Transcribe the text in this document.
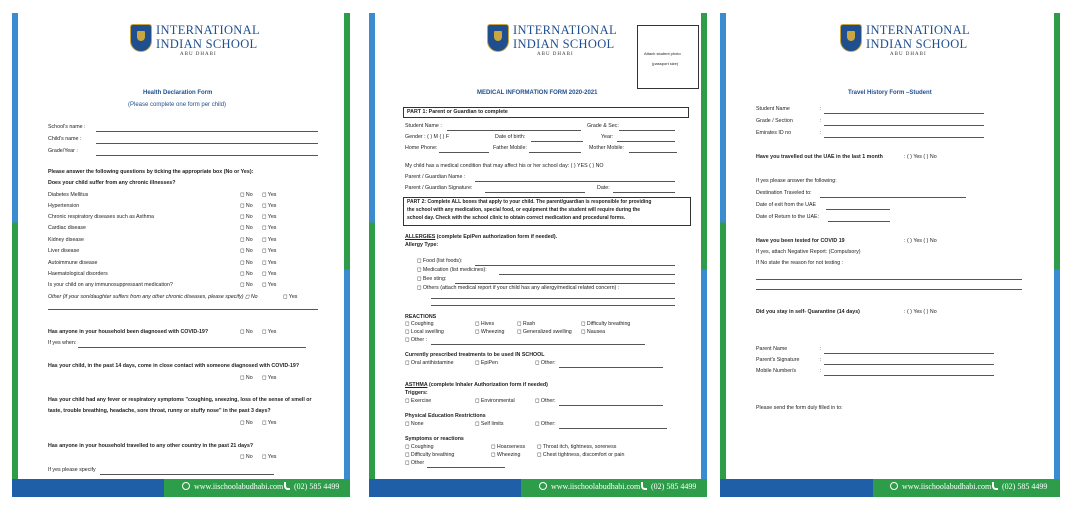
INTERNATIONAL
INDIAN SCHOOL
ABU DHABI
Health Declaration Form
(Please complete one form per child)
School's name :
Child's name :
Grade/Year :
Please answer the following questions by ticking the appropriate box (No or Yes):
Does your child suffer from any chronic illnesses?
Diabetes Mellitus	◻ No ◻ Yes
Hypertension	◻ No ◻ Yes
Chronic respiratory diseases such as Asthma	◻ No ◻ Yes
Cardiac disease	◻ No ◻ Yes
Kidney disease	◻ No ◻ Yes
Liver disease	◻ No ◻ Yes
Autoimmune disease	◻ No ◻ Yes
Haematological disorders	◻ No ◻ Yes
Is your child on any immunosuppressant medication?	◻ No ◻ Yes
Other (if your son/daughter suffers from any other chronic diseases, please specify) ◻ No	◻ Yes
Has anyone in your household been diagnosed with COVID-19?	◻ No ◻ Yes
If yes when:
Has your child, in the past 14 days, come in close contact with someone diagnosed with COVID-19?
◻ No ◻ Yes
Has your child had any fever or respiratory symptoms "coughing, sneezing, loss of the sense of smell or
taste, trouble breathing, headache, sore throat, runny or stuffy nose" in the past 3 days?
◻ No ◻ Yes
Has anyone in your household travelled to any other country in the past 21 days?
◻ No ◻ Yes
If yes please specify
www.iischoolabudhabi.com	(02) 585 4499
INTERNATIONAL
INDIAN SCHOOL
ABU DHABI	Attach student photo
(passport size)
MEDICAL INFORMATION FORM 2020-2021
PART 1: Parent or Guardian to complete
Student Name :	Grade & Sec:
Gender : ( ) M ( ) F	Date of birth:	Year:
Home Phone:	Father Mobile:	Mother Mobile:
My child has a medical condition that may affect his or her school day: ( ) YES ( ) NO
Parent / Guardian Name :
Parent / Guardian Signature:	Date:
PART 2: Complete ALL boxes that apply to your child. The parent/guardian is responsible for providing
the school with any medication, special food, or equipment that the student will require during the
school day. Check with the school clinic to obtain correct medication and procedural forms.
ALLERGIES (complete EpiPen authorization form if needed).
Allergy Type:
◻ Food (list foods):
◻ Medication (list medicines):
◻ Bee sting:
◻ Others (attach medical report if your child has any allergy/medical related concern) :
REACTIONS
◻ Coughing	◻ Hives	◻ Rash	◻ Difficulty breathing
◻ Local swelling	◻ Wheezing ◻ Generalized swelling ◻ Nausea
◻ Other :
Currently prescribed treatments to be used IN SCHOOL
◻ Oral antihistamine	◻ EpiPen	◻ Other:
ASTHMA (complete Inhaler Authorization form if needed)
Triggers:
◻ Exercise	◻ Environmental	◻ Other:
Physical Education Restrictions
◻ None	◻ Self limits	◻ Other:
Symptoms or reactions
◻ Coughing	◻ Hoarseness ◻ Throat itch, tightness, soreness
◻ Difficulty breathing	◻ Wheezing	◻ Chest tightness, discomfort or pain
◻ Other
www.iischoolabudhabi.com	(02) 585 4499
INTERNATIONAL
INDIAN SCHOOL
ABU DHABI
Travel History Form –Student
Student Name	:
Grade / Section	:
Emirates ID no	:
Have you travelled out the UAE in the last 1 month	: ( ) Yes ( ) No
If yes please answer the following:
Destination Traveled to:
Date of exit from the UAE
Date of Return to the UAE:
Have you been tested for COVID 19	: ( ) Yes ( ) No
If yes, attach Negative Report: (Compulsory)
If No state the reason for not testing :
Did you stay in self- Quarantine (14 days)	: ( ) Yes ( ) No
Parent Name	:
Parent's Signature	:
Mobile Number/s	:
Please send the form duly filled in to:
www.iischoolabudhabi.com	(02) 585 4499
